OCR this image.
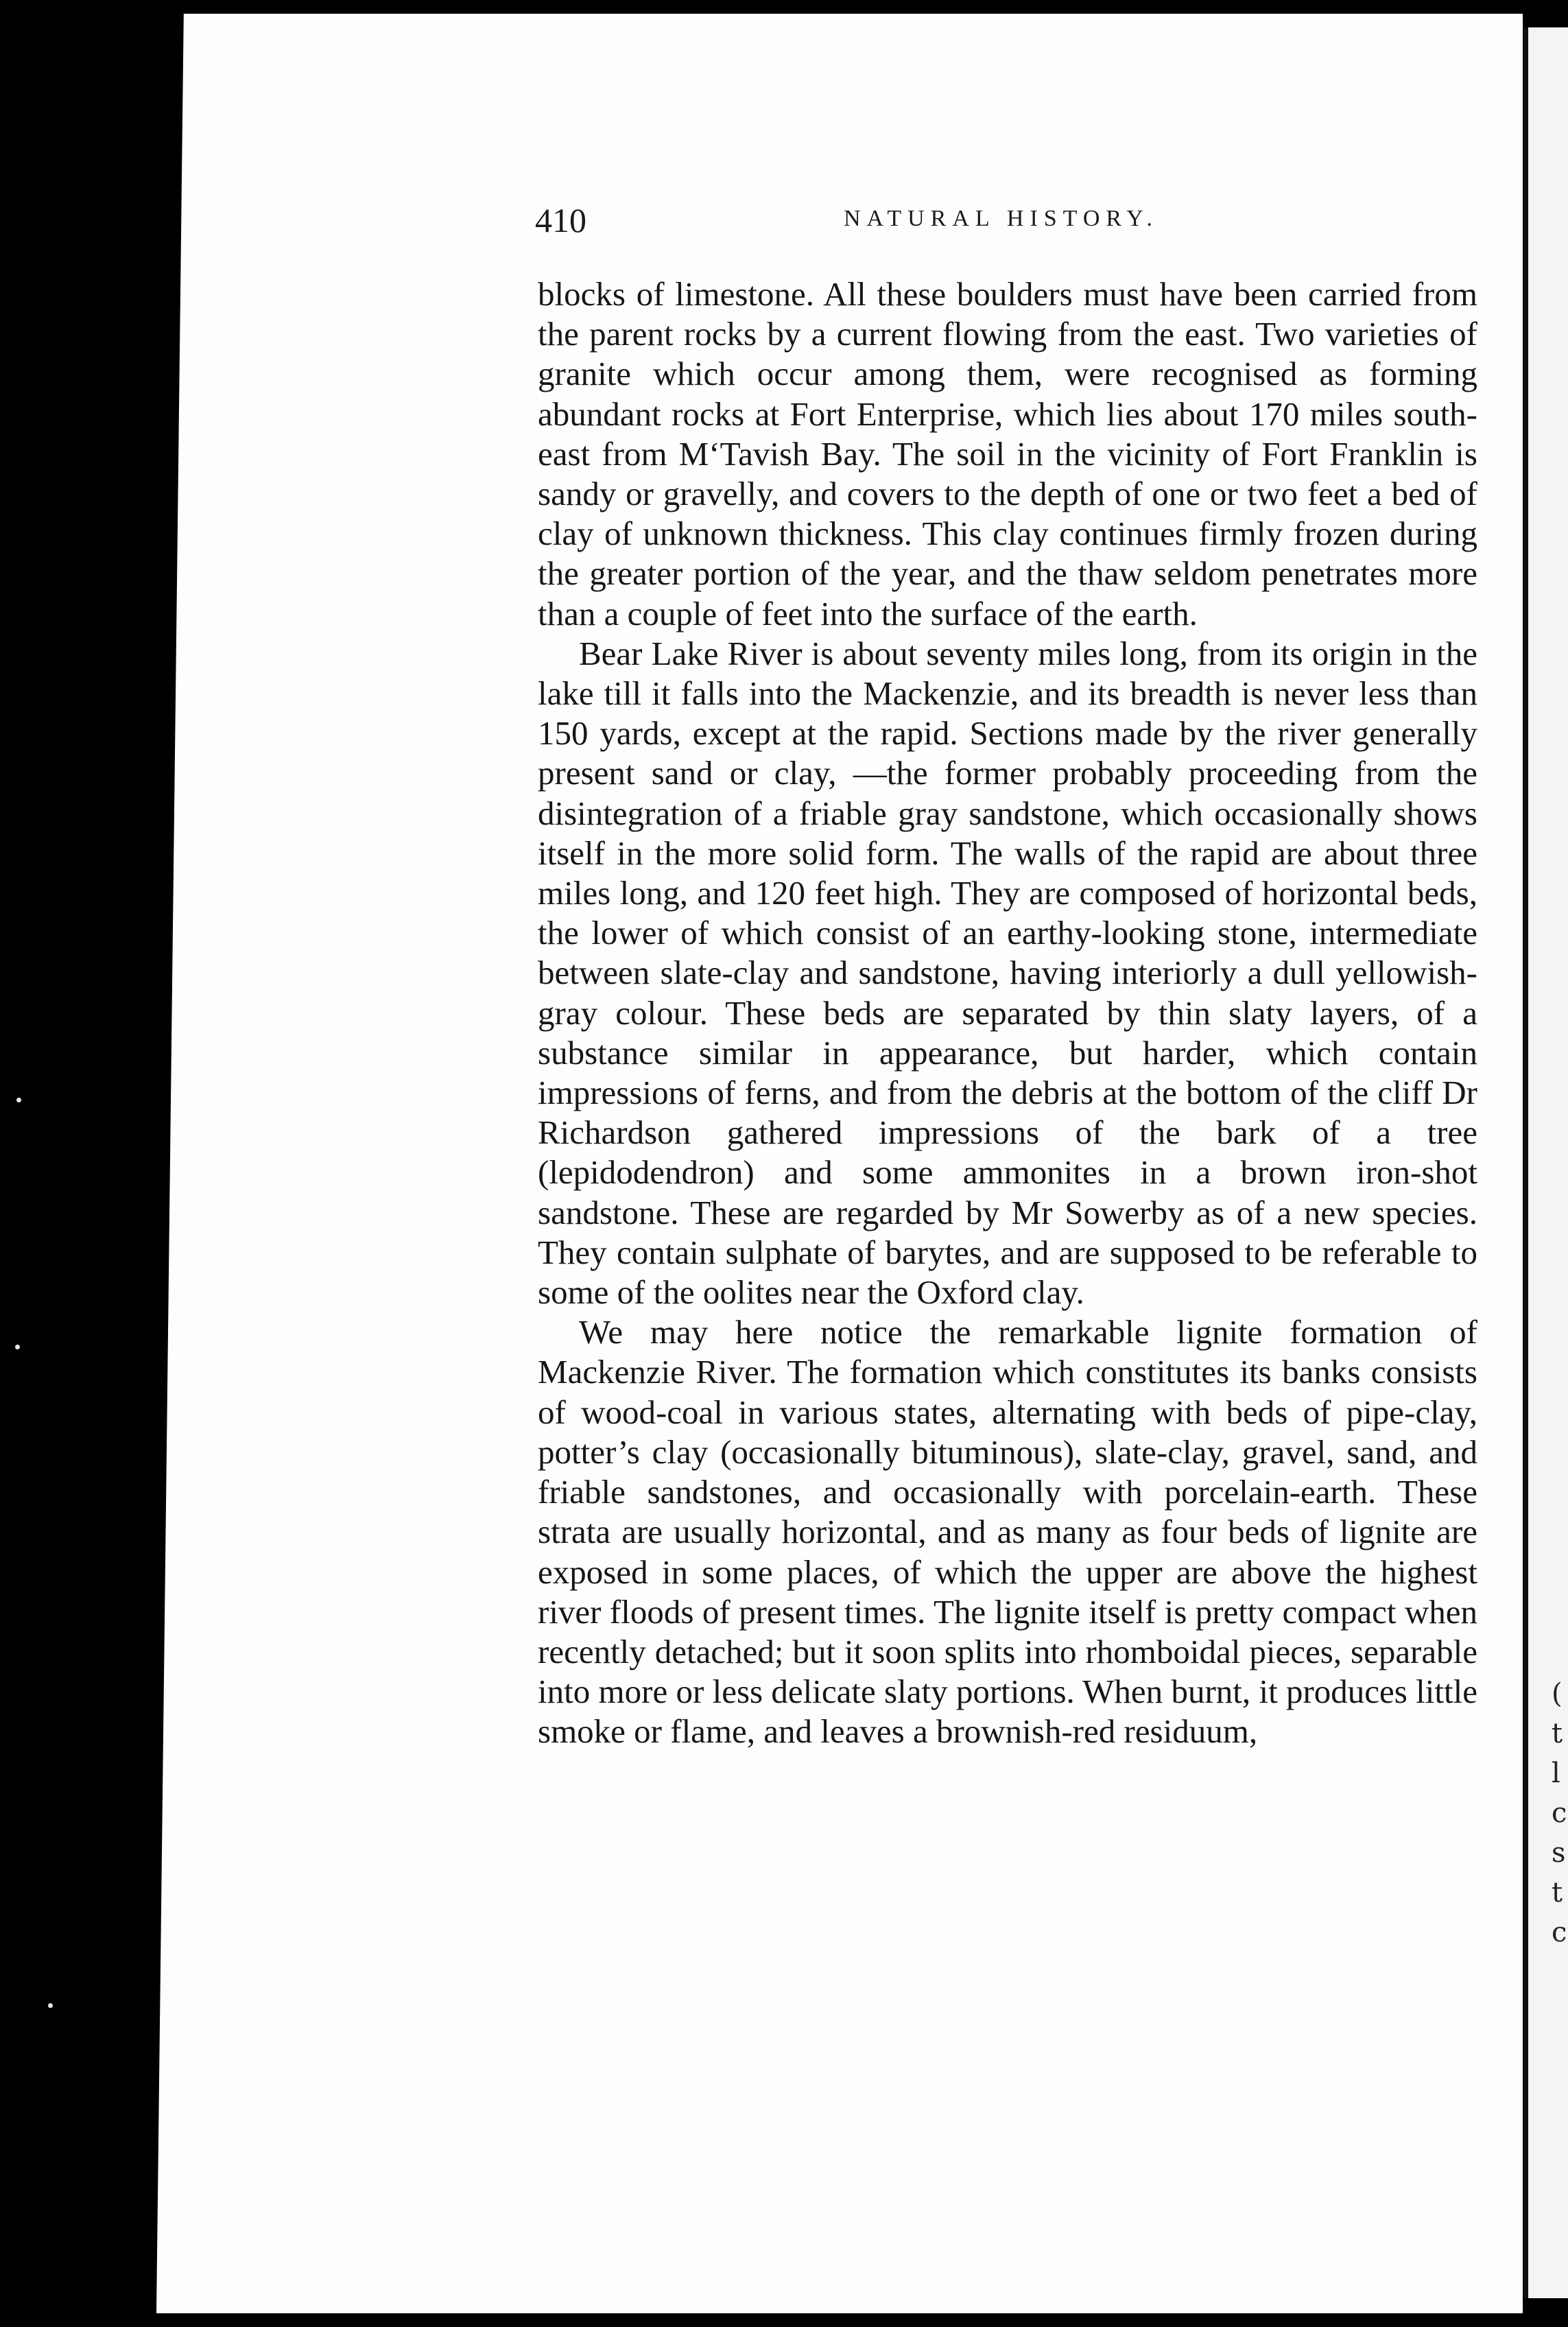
(
t
l
c
s
t
c
410	NATURAL HISTORY.

blocks of limestone. All these boulders must have been carried from the parent rocks by a current flowing from the east. Two varieties of granite which occur among them, were recognised as forming abundant rocks at Fort Enterprise, which lies about 170 miles south-east from M‘Tavish Bay. The soil in the vicinity of Fort Franklin is sandy or gravelly, and covers to the depth of one or two feet a bed of clay of unknown thickness. This clay continues firmly frozen during the greater portion of the year, and the thaw seldom penetrates more than a couple of feet into the surface of the earth.

Bear Lake River is about seventy miles long, from its origin in the lake till it falls into the Mackenzie, and its breadth is never less than 150 yards, except at the rapid. Sections made by the river generally present sand or clay, —the former probably proceeding from the disintegration of a friable gray sandstone, which occasionally shows itself in the more solid form. The walls of the rapid are about three miles long, and 120 feet high. They are composed of horizontal beds, the lower of which consist of an earthy-looking stone, intermediate between slate-clay and sandstone, having interiorly a dull yellowish-gray colour. These beds are separated by thin slaty layers, of a substance similar in appearance, but harder, which contain impressions of ferns, and from the debris at the bottom of the cliff Dr Richardson gathered impressions of the bark of a tree (lepidodendron) and some ammonites in a brown iron-shot sandstone. These are regarded by Mr Sowerby as of a new species. They contain sulphate of barytes, and are supposed to be referable to some of the oolites near the Oxford clay.

We may here notice the remarkable lignite formation of Mackenzie River. The formation which constitutes its banks consists of wood-coal in various states, alternating with beds of pipe-clay, potter’s clay (occasionally bituminous), slate-clay, gravel, sand, and friable sandstones, and occasionally with porcelain-earth. These strata are usually horizontal, and as many as four beds of lignite are exposed in some places, of which the upper are above the highest river floods of present times. The lignite itself is pretty compact when recently detached; but it soon splits into rhomboidal pieces, separable into more or less delicate slaty portions. When burnt, it produces little smoke or flame, and leaves a brownish-red residuum,
